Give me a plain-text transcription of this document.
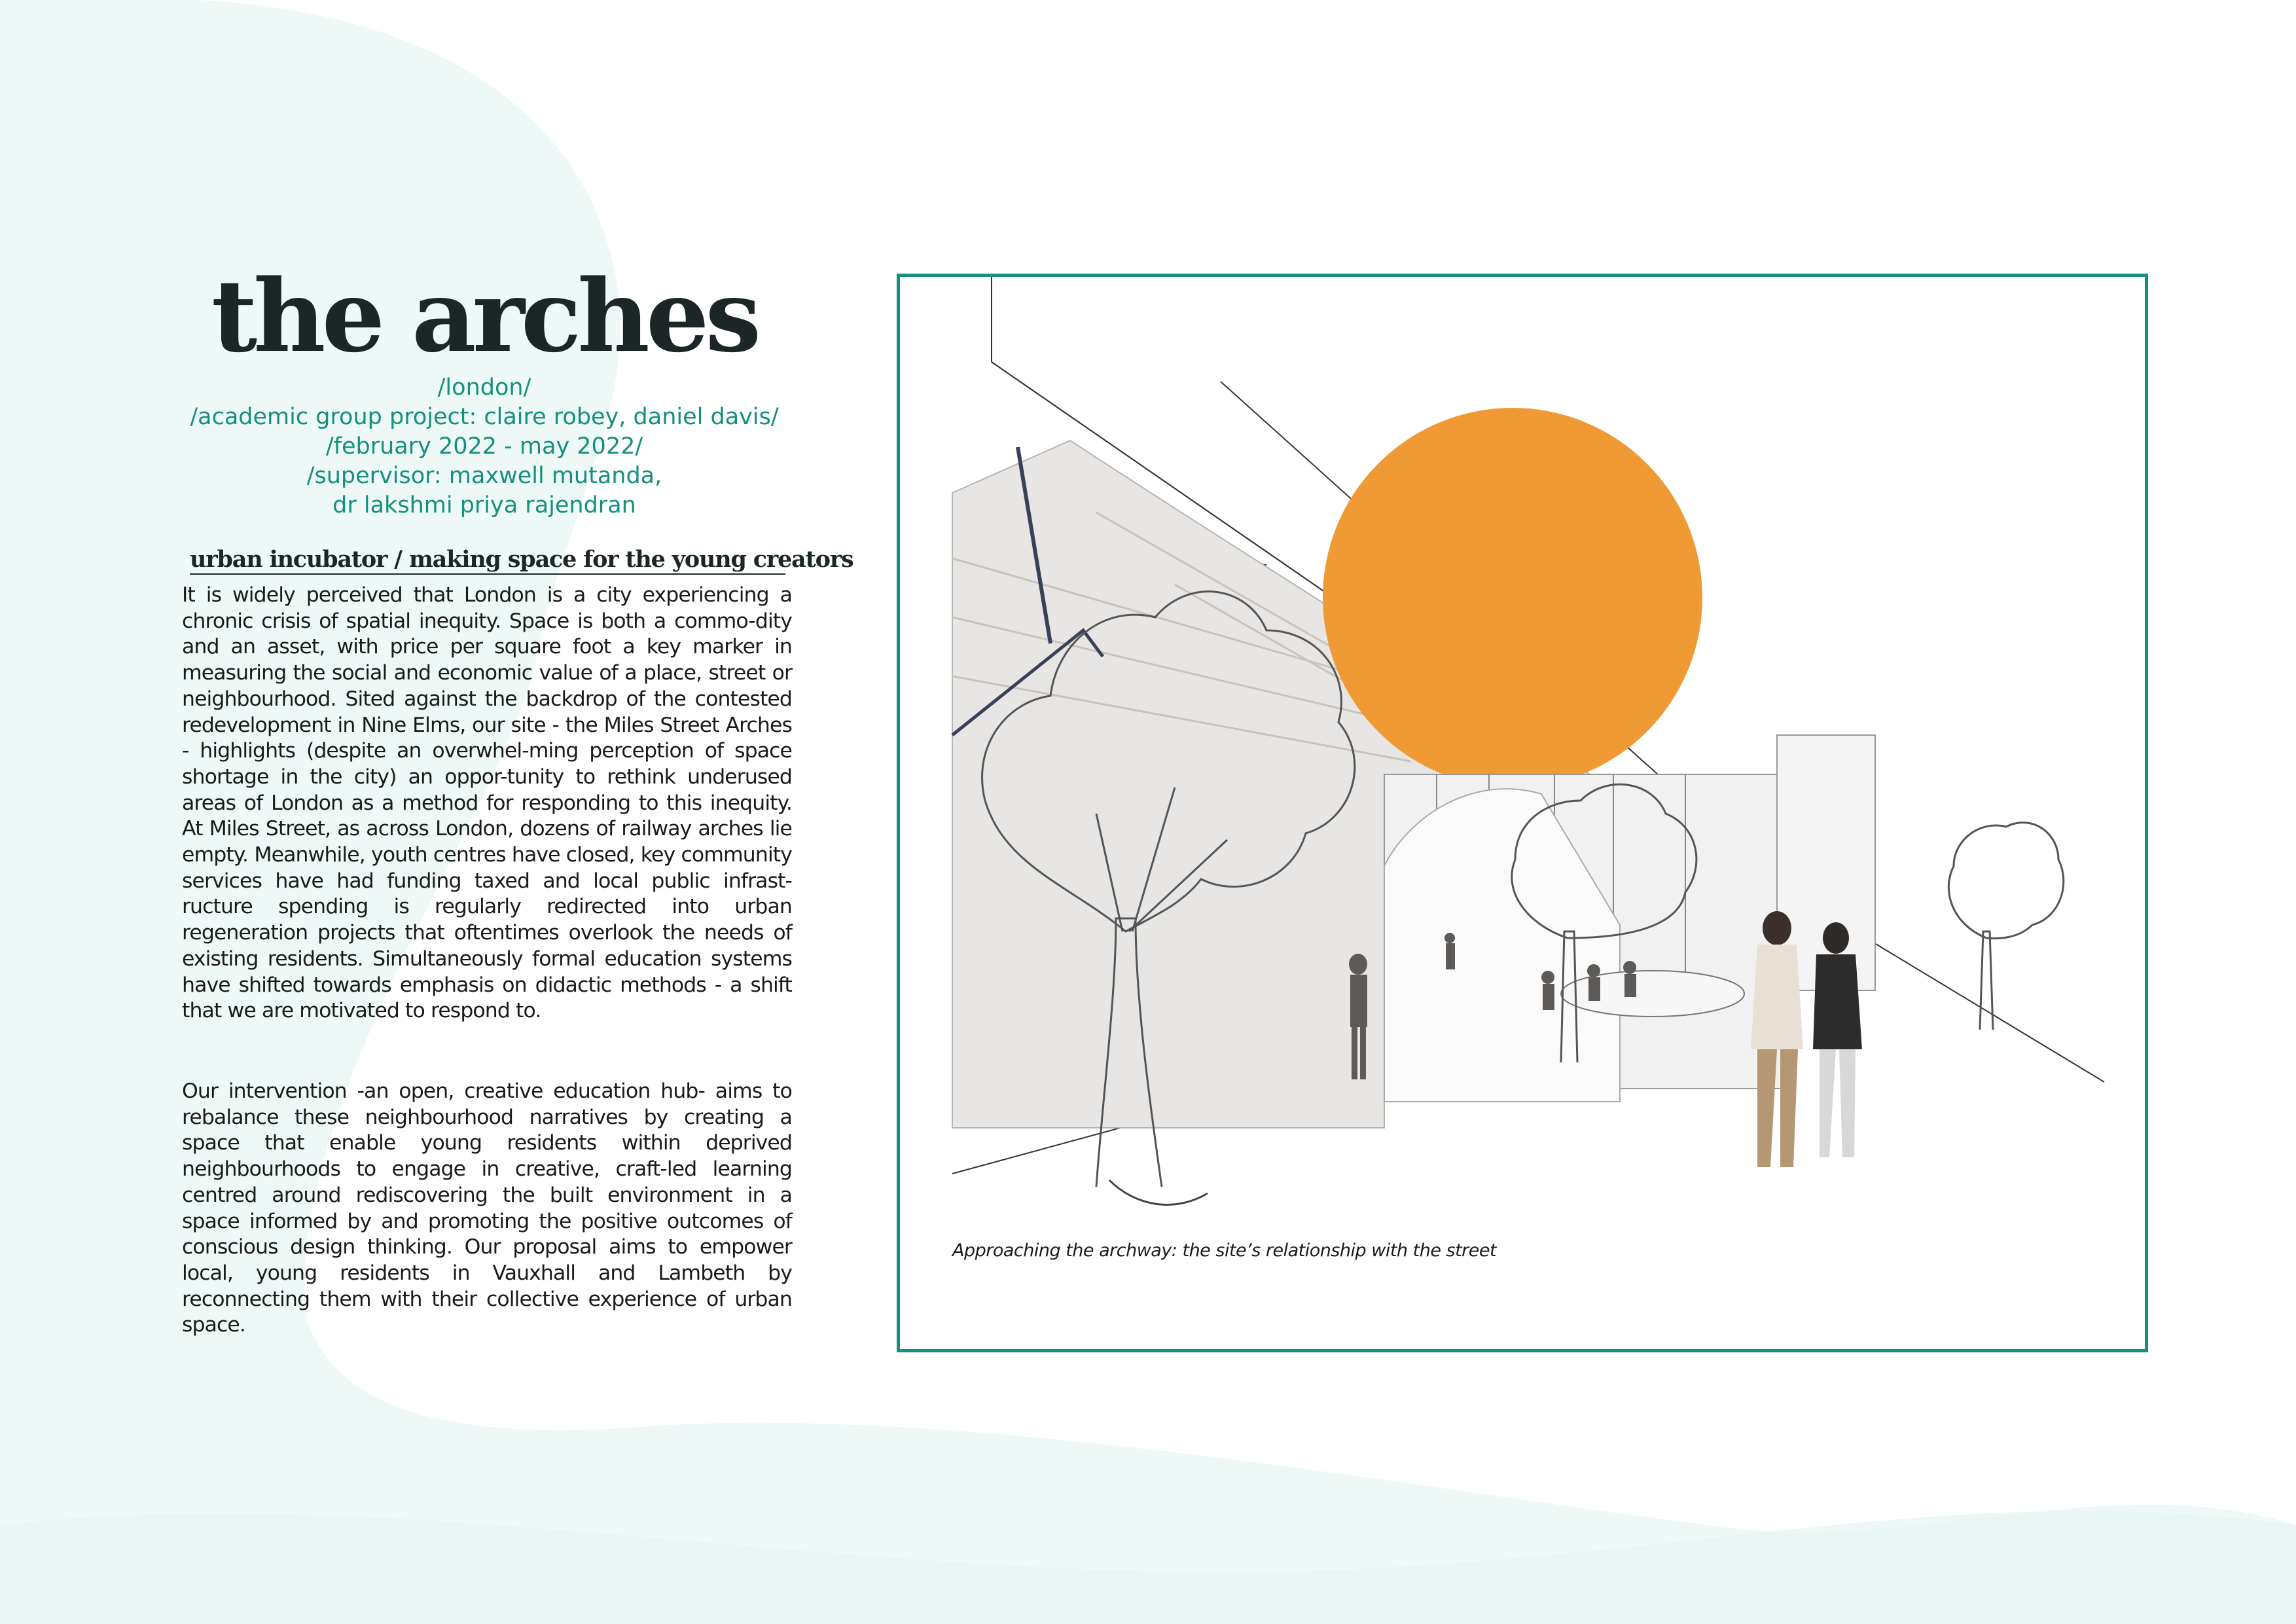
the arches

/london/

/academic group project: claire robey, daniel davis/

/february 2022 - may 2022/

/supervisor: maxwell mutanda,

dr lakshmi priya rajendran

urban incubator / making space for the young creators

It is widely perceived that London is a city experiencing a chronic crisis of spatial inequity. Space is both a commo-dity and an asset, with price per square foot a key marker in measuring the social and economic value of a place, street or neighbourhood. Sited against the backdrop of the contested redevelopment in Nine Elms, our site - the Miles Street Arches - highlights (despite an overwhel-ming perception of space shortage in the city) an oppor-tunity to rethink underused areas of London as a method for responding to this inequity. At Miles Street, as across London, dozens of railway arches lie empty. Meanwhile, youth centres have closed, key community services have had funding taxed and local public infrast-ructure spending is regularly redirected into urban regeneration projects that oftentimes overlook the needs of existing residents. Simultaneously formal education systems have shifted towards emphasis on didactic methods - a shift that we are motivated to respond to.

Our intervention -an open, creative education hub- aims to rebalance these neighbourhood narratives by creating a space that enable young residents within deprived neighbourhoods to engage in creative, craft-led learning centred around rediscovering the built environment in a space informed by and promoting the positive outcomes of conscious design thinking. Our proposal aims to empower local, young residents in Vauxhall and Lambeth by reconnecting them with their collective experience of urban space.

Approaching the archway: the site’s relationship with the street
